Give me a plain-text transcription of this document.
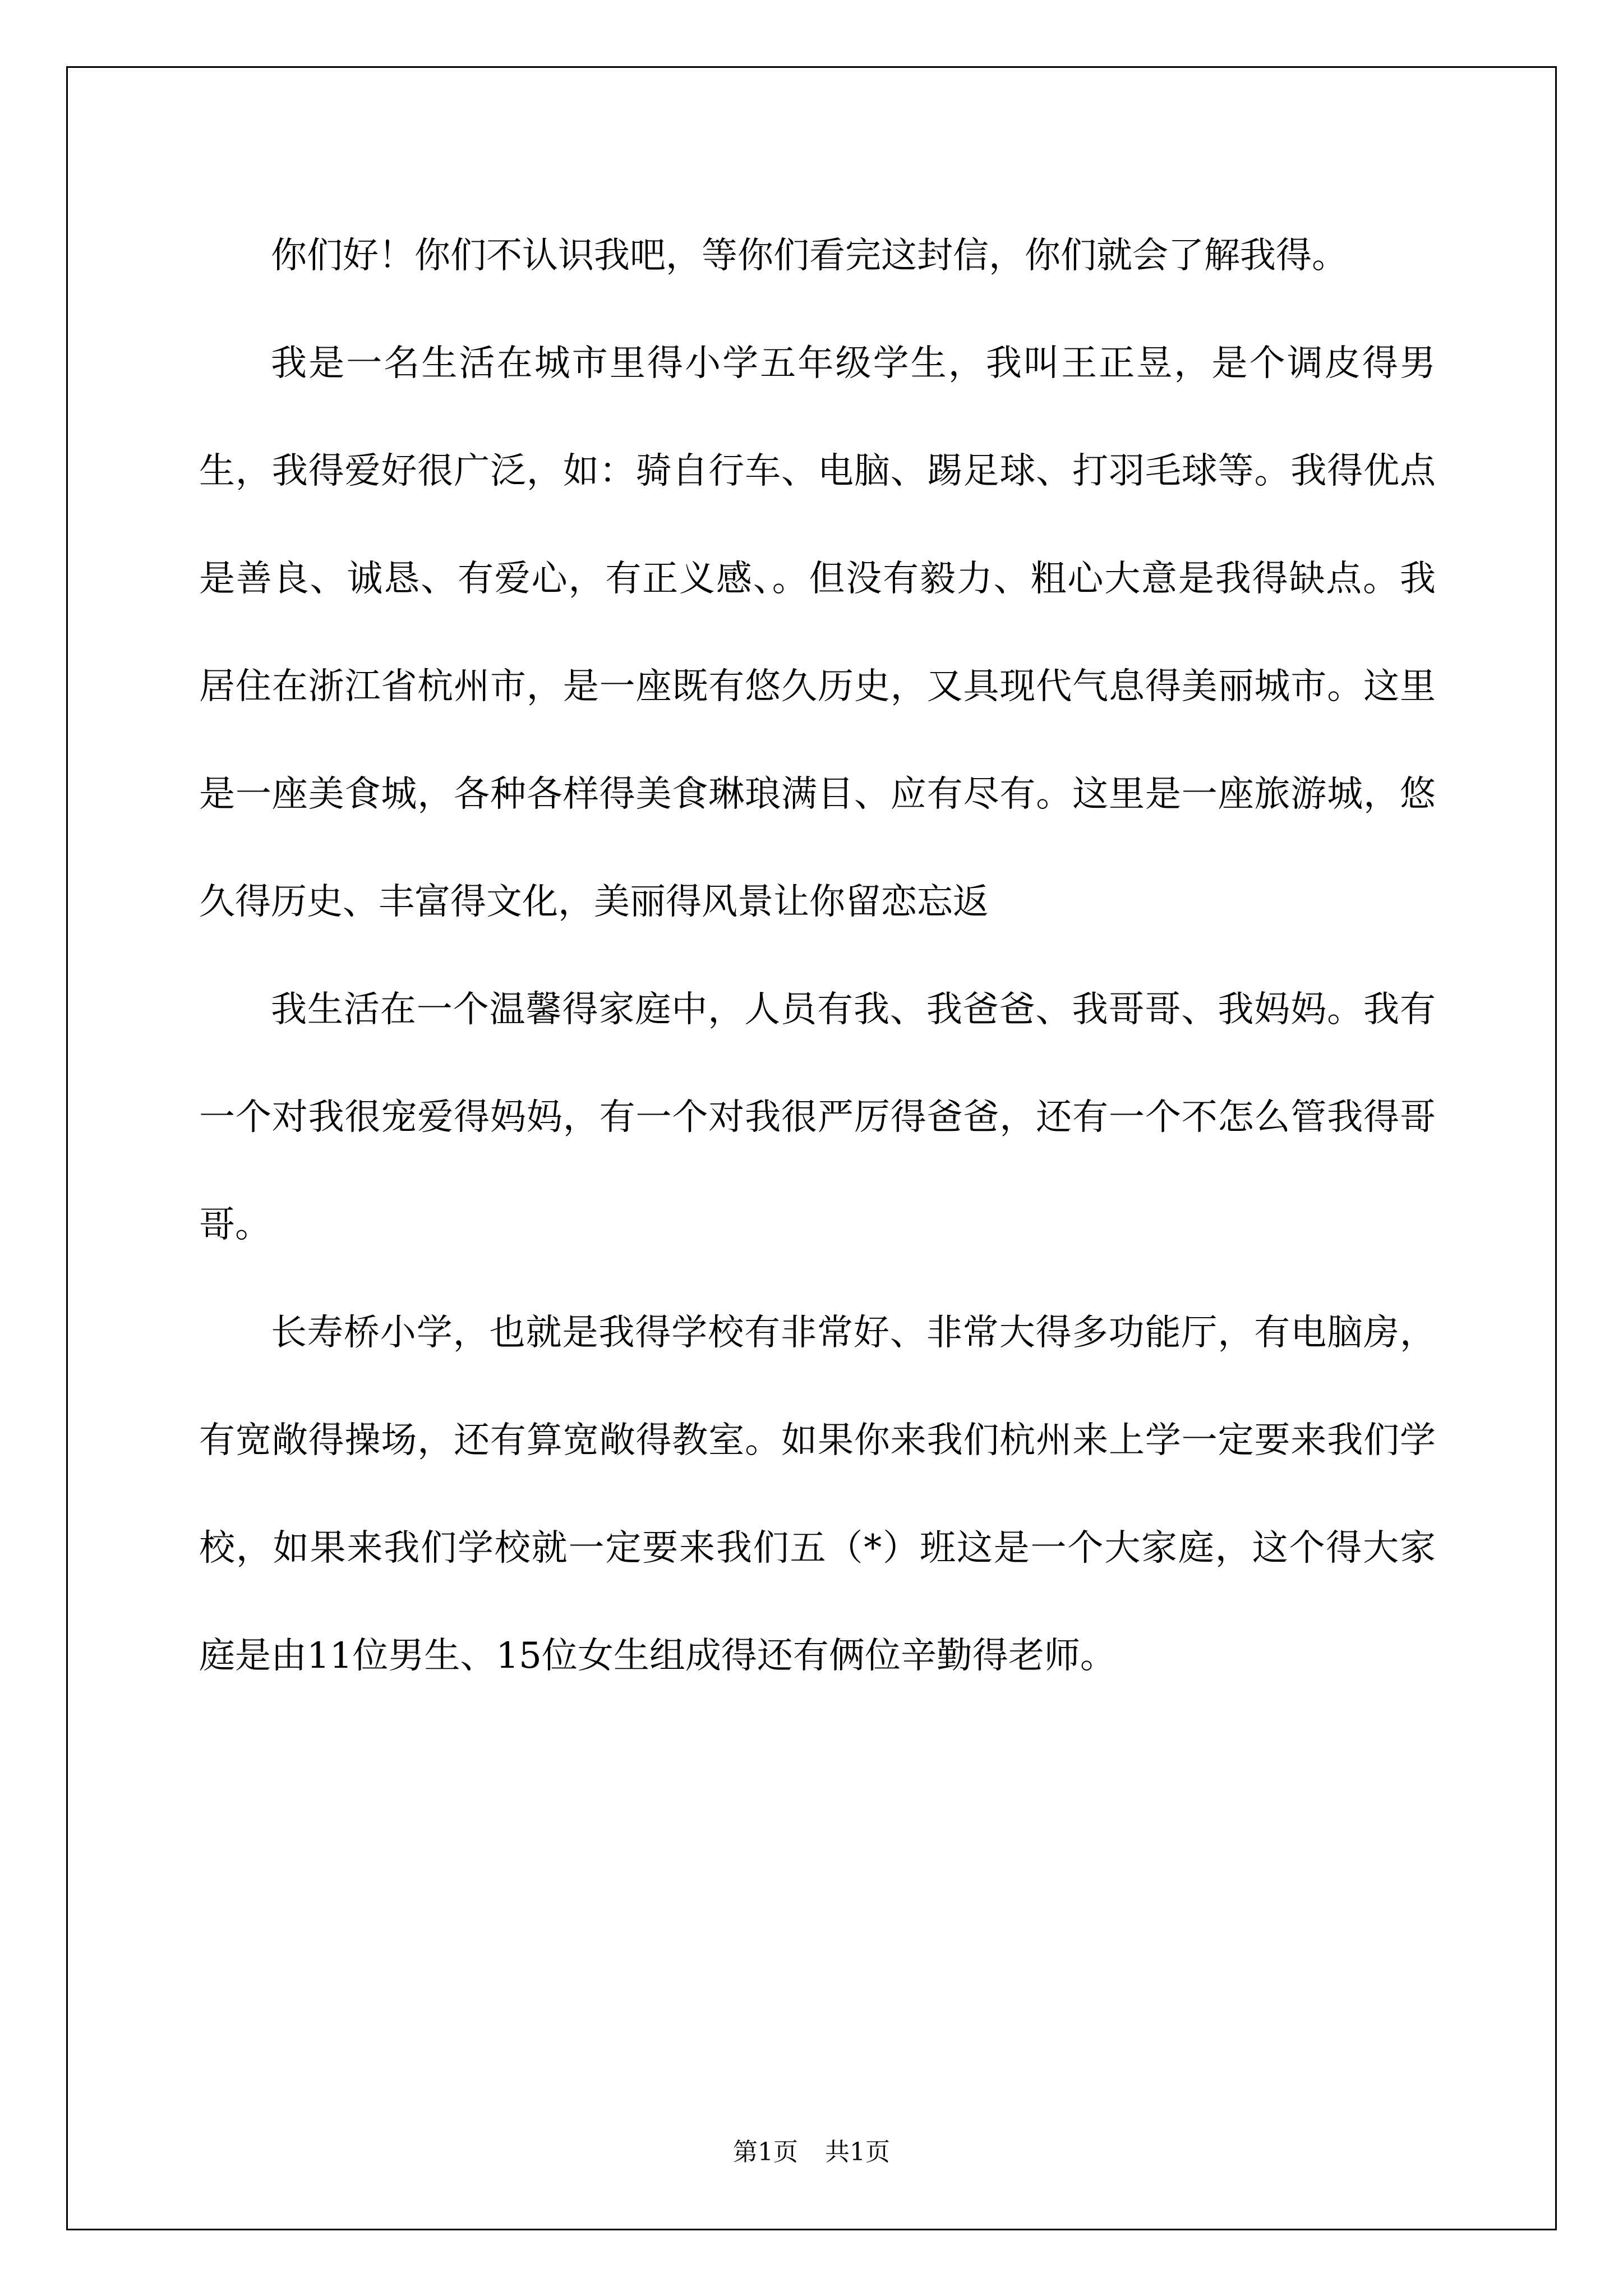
你们好！你们不认识我吧，等你们看完这封信，你们就会了解我得。

我是一名生活在城市里得小学五年级学生，我叫王正昱，是个调皮得男生，我得爱好很广泛，如：骑自行车、电脑、踢足球、打羽毛球等。我得优点是善良、诚恳、有爱心，有正义感、。但没有毅力、粗心大意是我得缺点。我居住在浙江省杭州市，是一座既有悠久历史，又具现代气息得美丽城市。这里是一座美食城，各种各样得美食琳琅满目、应有尽有。这里是一座旅游城，悠久得历史、丰富得文化，美丽得风景让你留恋忘返

我生活在一个温馨得家庭中，人员有我、我爸爸、我哥哥、我妈妈。我有一个对我很宠爱得妈妈，有一个对我很严厉得爸爸，还有一个不怎么管我得哥哥。

长寿桥小学，也就是我得学校有非常好、非常大得多功能厅，有电脑房，有宽敞得操场，还有算宽敞得教室。如果你来我们杭州来上学一定要来我们学校，如果来我们学校就一定要来我们五（*）班这是一个大家庭，这个得大家庭是由11位男生、15位女生组成得还有俩位辛勤得老师。

第1页 共1页
